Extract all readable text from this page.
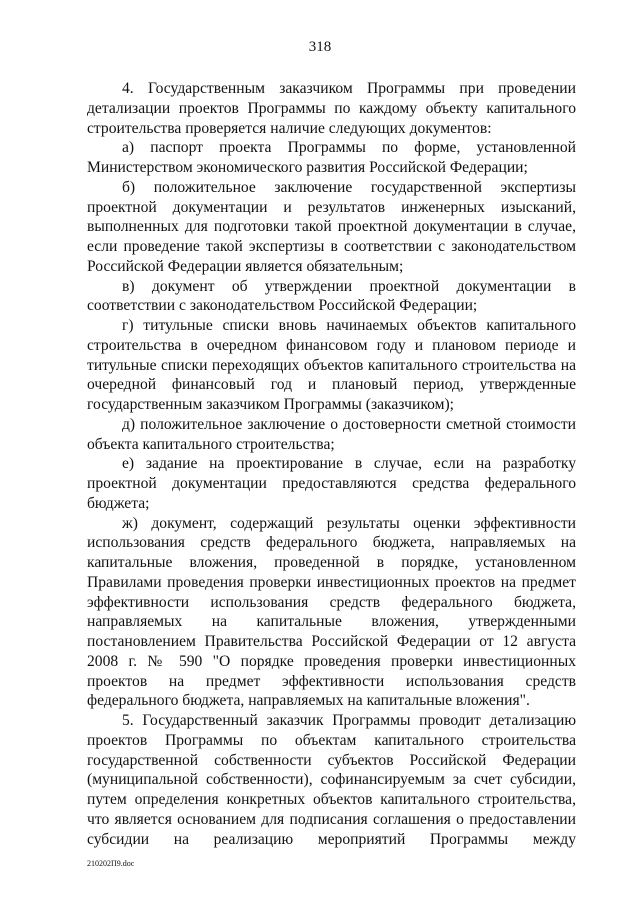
318

4. Государственным заказчиком Программы при проведении детализации проектов Программы по каждому объекту капитального строительства проверяется наличие следующих документов:

а) паспорт проекта Программы по форме, установленной Министерством экономического развития Российской Федерации;

б) положительное заключение государственной экспертизы проектной документации и результатов инженерных изысканий, выполненных для подготовки такой проектной документации в случае, если проведение такой экспертизы в соответствии с законодательством Российской Федерации является обязательным;

в) документ об утверждении проектной документации в соответствии с законодательством Российской Федерации;

г) титульные списки вновь начинаемых объектов капитального строительства в очередном финансовом году и плановом периоде и титульные списки переходящих объектов капитального строительства на очередной финансовый год и плановый период, утвержденные государственным заказчиком Программы (заказчиком);

д) положительное заключение о достоверности сметной стоимости объекта капитального строительства;

е) задание на проектирование в случае, если на разработку проектной документации предоставляются средства федерального бюджета;

ж) документ, содержащий результаты оценки эффективности использования средств федерального бюджета, направляемых на капитальные вложения, проведенной в порядке, установленном Правилами проведения проверки инвестиционных проектов на предмет эффективности использования средств федерального бюджета, направляемых на капитальные вложения, утвержденными постановлением Правительства Российской Федерации от 12 августа 2008 г. № 590 "О порядке проведения проверки инвестиционных проектов на предмет эффективности использования средств федерального бюджета, направляемых на капитальные вложения".

5. Государственный заказчик Программы проводит детализацию проектов Программы по объектам капитального строительства государственной собственности субъектов Российской Федерации (муниципальной собственности), софинансируемым за счет субсидии, путем определения конкретных объектов капитального строительства, что является основанием для подписания соглашения о предоставлении субсидии на реализацию мероприятий Программы между

210202П9.doc
